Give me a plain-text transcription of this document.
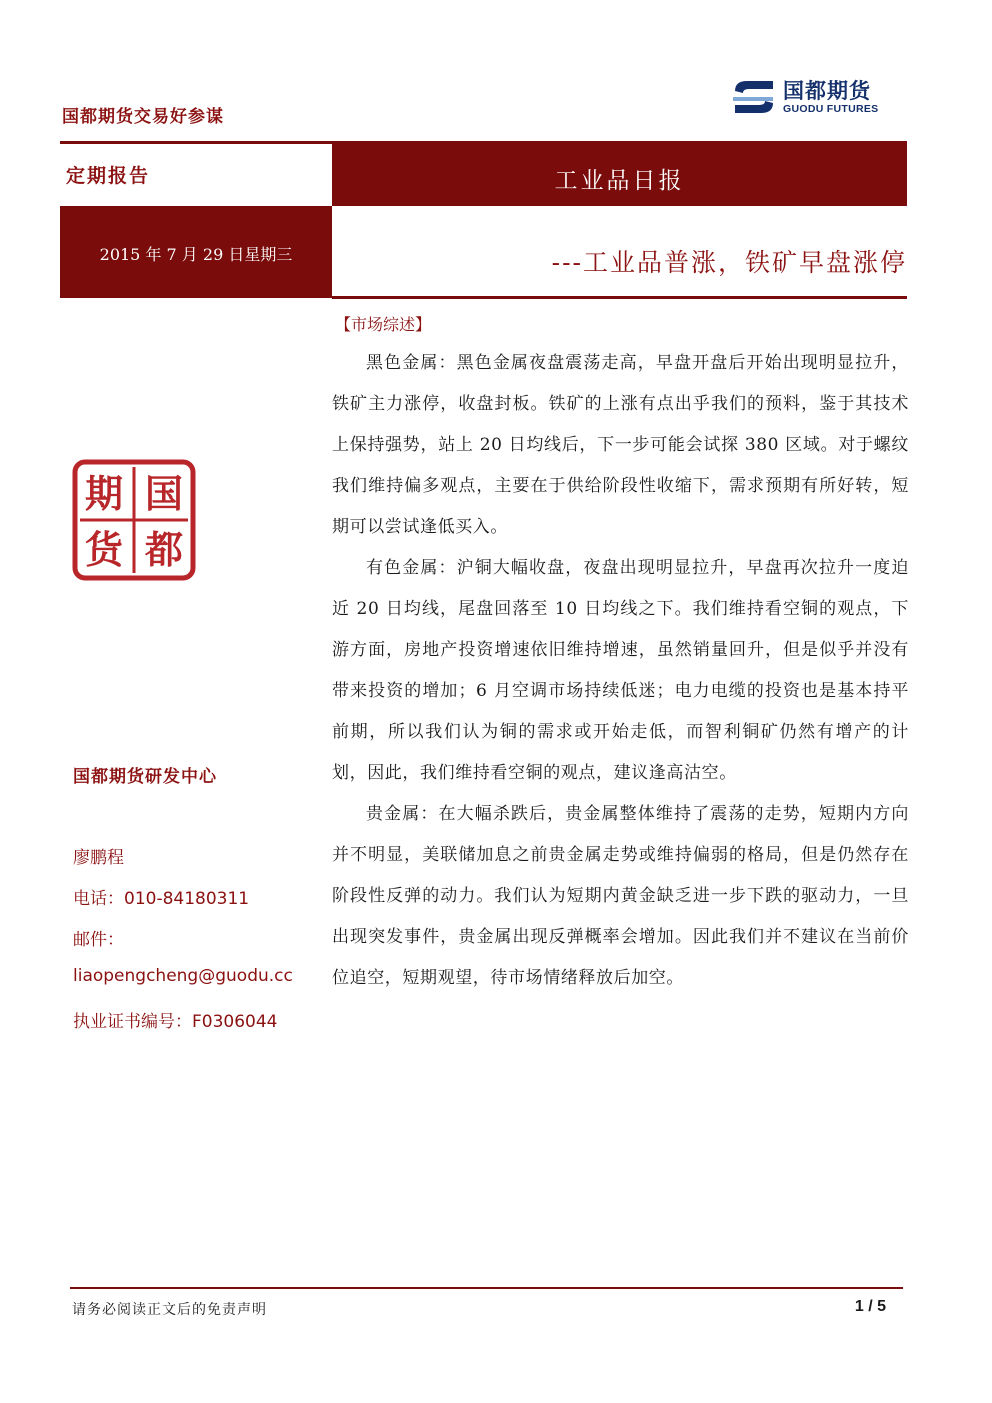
国都期货交易好参谋
国都期货
GUODU FUTURES
定期报告	工业品日报
2015 年 7 月 29 日星期三	---工业品普涨，铁矿早盘涨停
国
都
期
货
国都期货研发中心
廖鹏程
电话：010-84180311
邮件：
liaopengcheng@guodu.cc
执业证书编号：F0306044
【市场综述】

黑色金属：黑色金属夜盘震荡走高，早盘开盘后开始出现明显拉升，铁矿主力涨停，收盘封板。铁矿的上涨有点出乎我们的预料，鉴于其技术上保持强势，站上 20 日均线后，下一步可能会试探 380 区域。对于螺纹我们维持偏多观点，主要在于供给阶段性收缩下，需求预期有所好转，短期可以尝试逢低买入。

有色金属：沪铜大幅收盘，夜盘出现明显拉升，早盘再次拉升一度迫近 20 日均线，尾盘回落至 10 日均线之下。我们维持看空铜的观点，下游方面，房地产投资增速依旧维持增速，虽然销量回升，但是似乎并没有带来投资的增加；6 月空调市场持续低迷；电力电缆的投资也是基本持平前期，所以我们认为铜的需求或开始走低，而智利铜矿仍然有增产的计划，因此，我们维持看空铜的观点，建议逢高沽空。

贵金属：在大幅杀跌后，贵金属整体维持了震荡的走势，短期内方向并不明显，美联储加息之前贵金属走势或维持偏弱的格局，但是仍然存在阶段性反弹的动力。我们认为短期内黄金缺乏进一步下跌的驱动力，一旦出现突发事件，贵金属出现反弹概率会增加。因此我们并不建议在当前价位追空，短期观望，待市场情绪释放后加空。

请务必阅读正文后的免责声明	1 / 5
